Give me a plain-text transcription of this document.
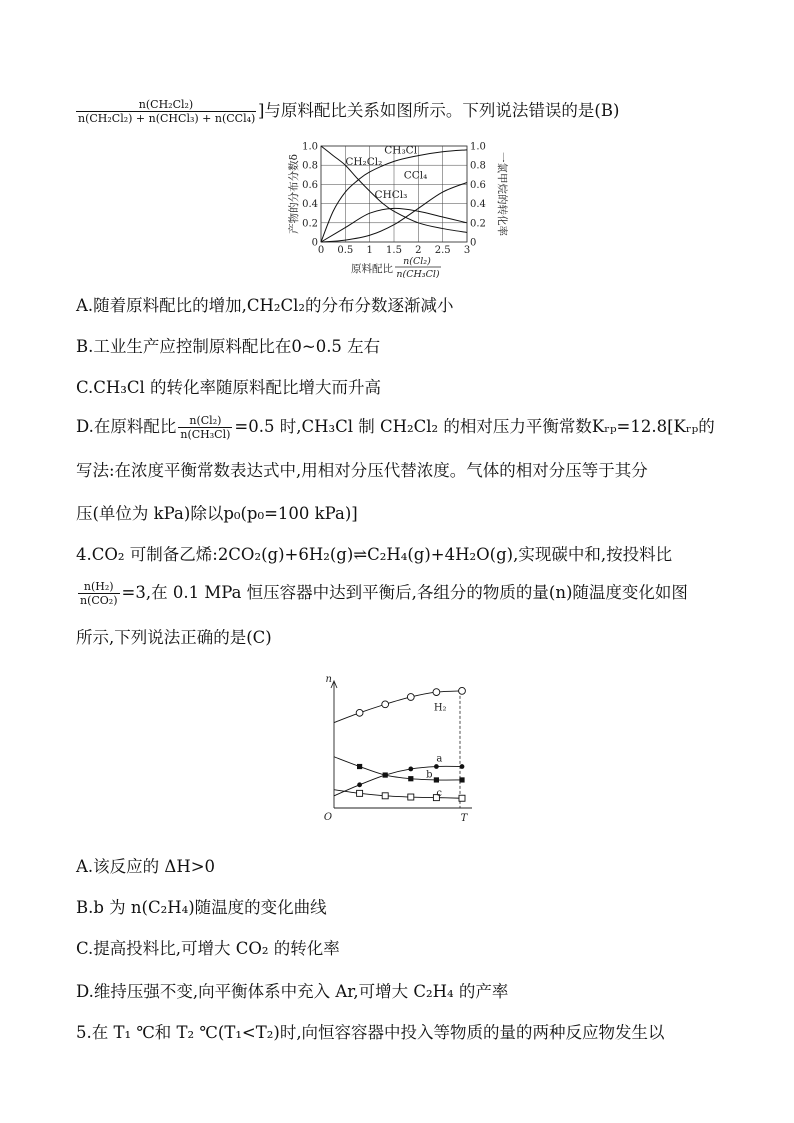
$\frac{\text{n(CH₂Cl₂)}}{\text{n(CH₂Cl₂) + n(CHCl₃) + n(CCl₄)}}$ ]与原料配比关系如图所示。下列说法错误的是(B)
0 0.5 1 1.5 2 2.5 3
0
0.2
0.4
0.6
0.8
1.0
0
0.2
0.4
0.6
0.8
1.0
CH₃Cl
CH₂Cl₂
CCl₄
CHCl₃
产物的分布分数δ	一氯甲烷的转化率
原料配比
n(Cl₂)
n(CH₃Cl)
A.随着原料配比的增加,CH₂Cl₂的分布分数逐渐减小
B.工业生产应控制原料配比在0~0.5 左右
C.CH₃Cl 的转化率随原料配比增大而升高
D.在原料配比 $\frac{\text{n(Cl₂)}}{\text{n(CH₃Cl)}} =0.5$ 时,CH₃Cl 制 CH₂Cl₂ 的相对压力平衡常数Kᵣₚ=12.8[Kᵣₚ的
写法:在浓度平衡常数表达式中,用相对分压代替浓度。气体的相对分压等于其分
压(单位为 kPa)除以p₀(p₀=100 kPa)]
4.CO₂ 可制备乙烯:2CO₂(g)+6H₂(g)⇌C₂H₄(g)+4H₂O(g),实现碳中和,按投料比
$\frac{\text{n(H₂)}}{\text{n(CO₂)}} =3$,在 0.1 MPa 恒压容器中达到平衡后,各组分的物质的量(n)随温度变化如图
所示,下列说法正确的是(C)
n
T
O
H₂
a
b
c
A.该反应的 ΔH>0
B.b 为 n(C₂H₄)随温度的变化曲线
C.提高投料比,可增大 CO₂ 的转化率
D.维持压强不变,向平衡体系中充入 Ar,可增大 C₂H₄ 的产率
5.在 T₁ ℃和 T₂ ℃(T₁<T₂)时,向恒容容器中投入等物质的量的两种反应物发生以
